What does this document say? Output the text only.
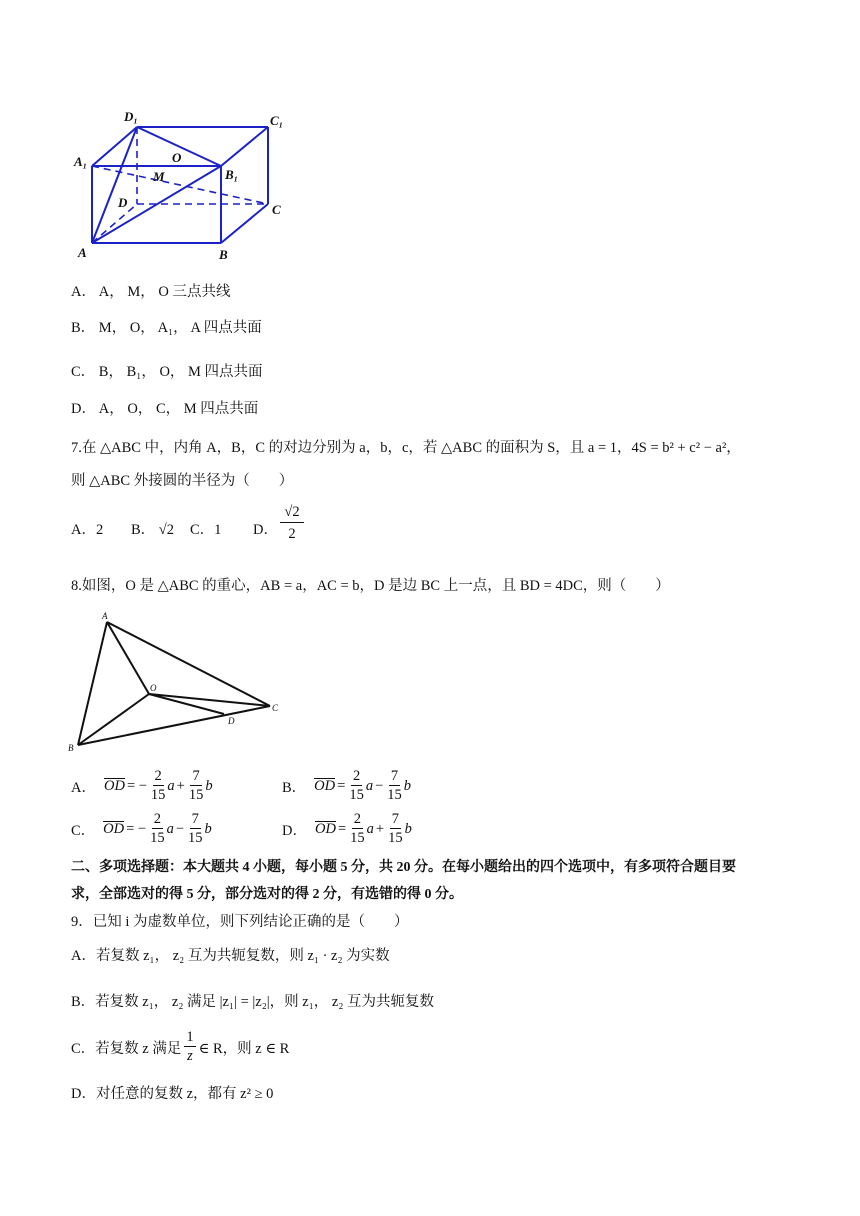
D₁	C₁
A₁	O
B₁
M
D	C
A	B
A． A， M， O 三点共线
B． M， O， A₁， A 四点共面
C． B， B₁， O， M 四点共面
D． A， O， C， M 四点共面
7.在 △ABC 中，内角 A，B，C 的对边分别为 a，b，c，若 △ABC 的面积为 S，且 a = 1，4S = b² + c² − a²，
则 △ABC 外接圆的半径为（　　）
A．2 B． √2 C．1 D． $\frac{√2}{2}$
8.如图，O 是 △ABC 的重心，AB = a，AC = b，D 是边 BC 上一点，且 BD = 4DC，则（　　）
A
O
C
D
B
A． OD = − $\frac{2}{15}$ $a + \frac{7}{15}$ b	B． OD = $\frac{2}{15}$ $a - \frac{7}{15}$ b
C． OD = − $\frac{2}{15}$ $a - \frac{7}{15}$ b	D． OD = $\frac{2}{15}$ $a + \frac{7}{15}$ b
二、多项选择题：本大题共 4 小题，每小题 5 分，共 20 分。在每小题给出的四个选项中，有多项符合题目要
求，全部选对的得 5 分，部分选对的得 2 分，有选错的得 0 分。
9．已知 i 为虚数单位，则下列结论正确的是（　　）
A．若复数 z₁， z₂ 互为共轭复数，则 z₁ · z₂ 为实数
B．若复数 z₁， z₂ 满足 |z₁| = |z₂|，则 z₁， z₂ 互为共轭复数
C．若复数 z 满足 $\frac{1}{z}$ ∈ R，则 z ∈ R
D．对任意的复数 z，都有 z² ≥ 0
